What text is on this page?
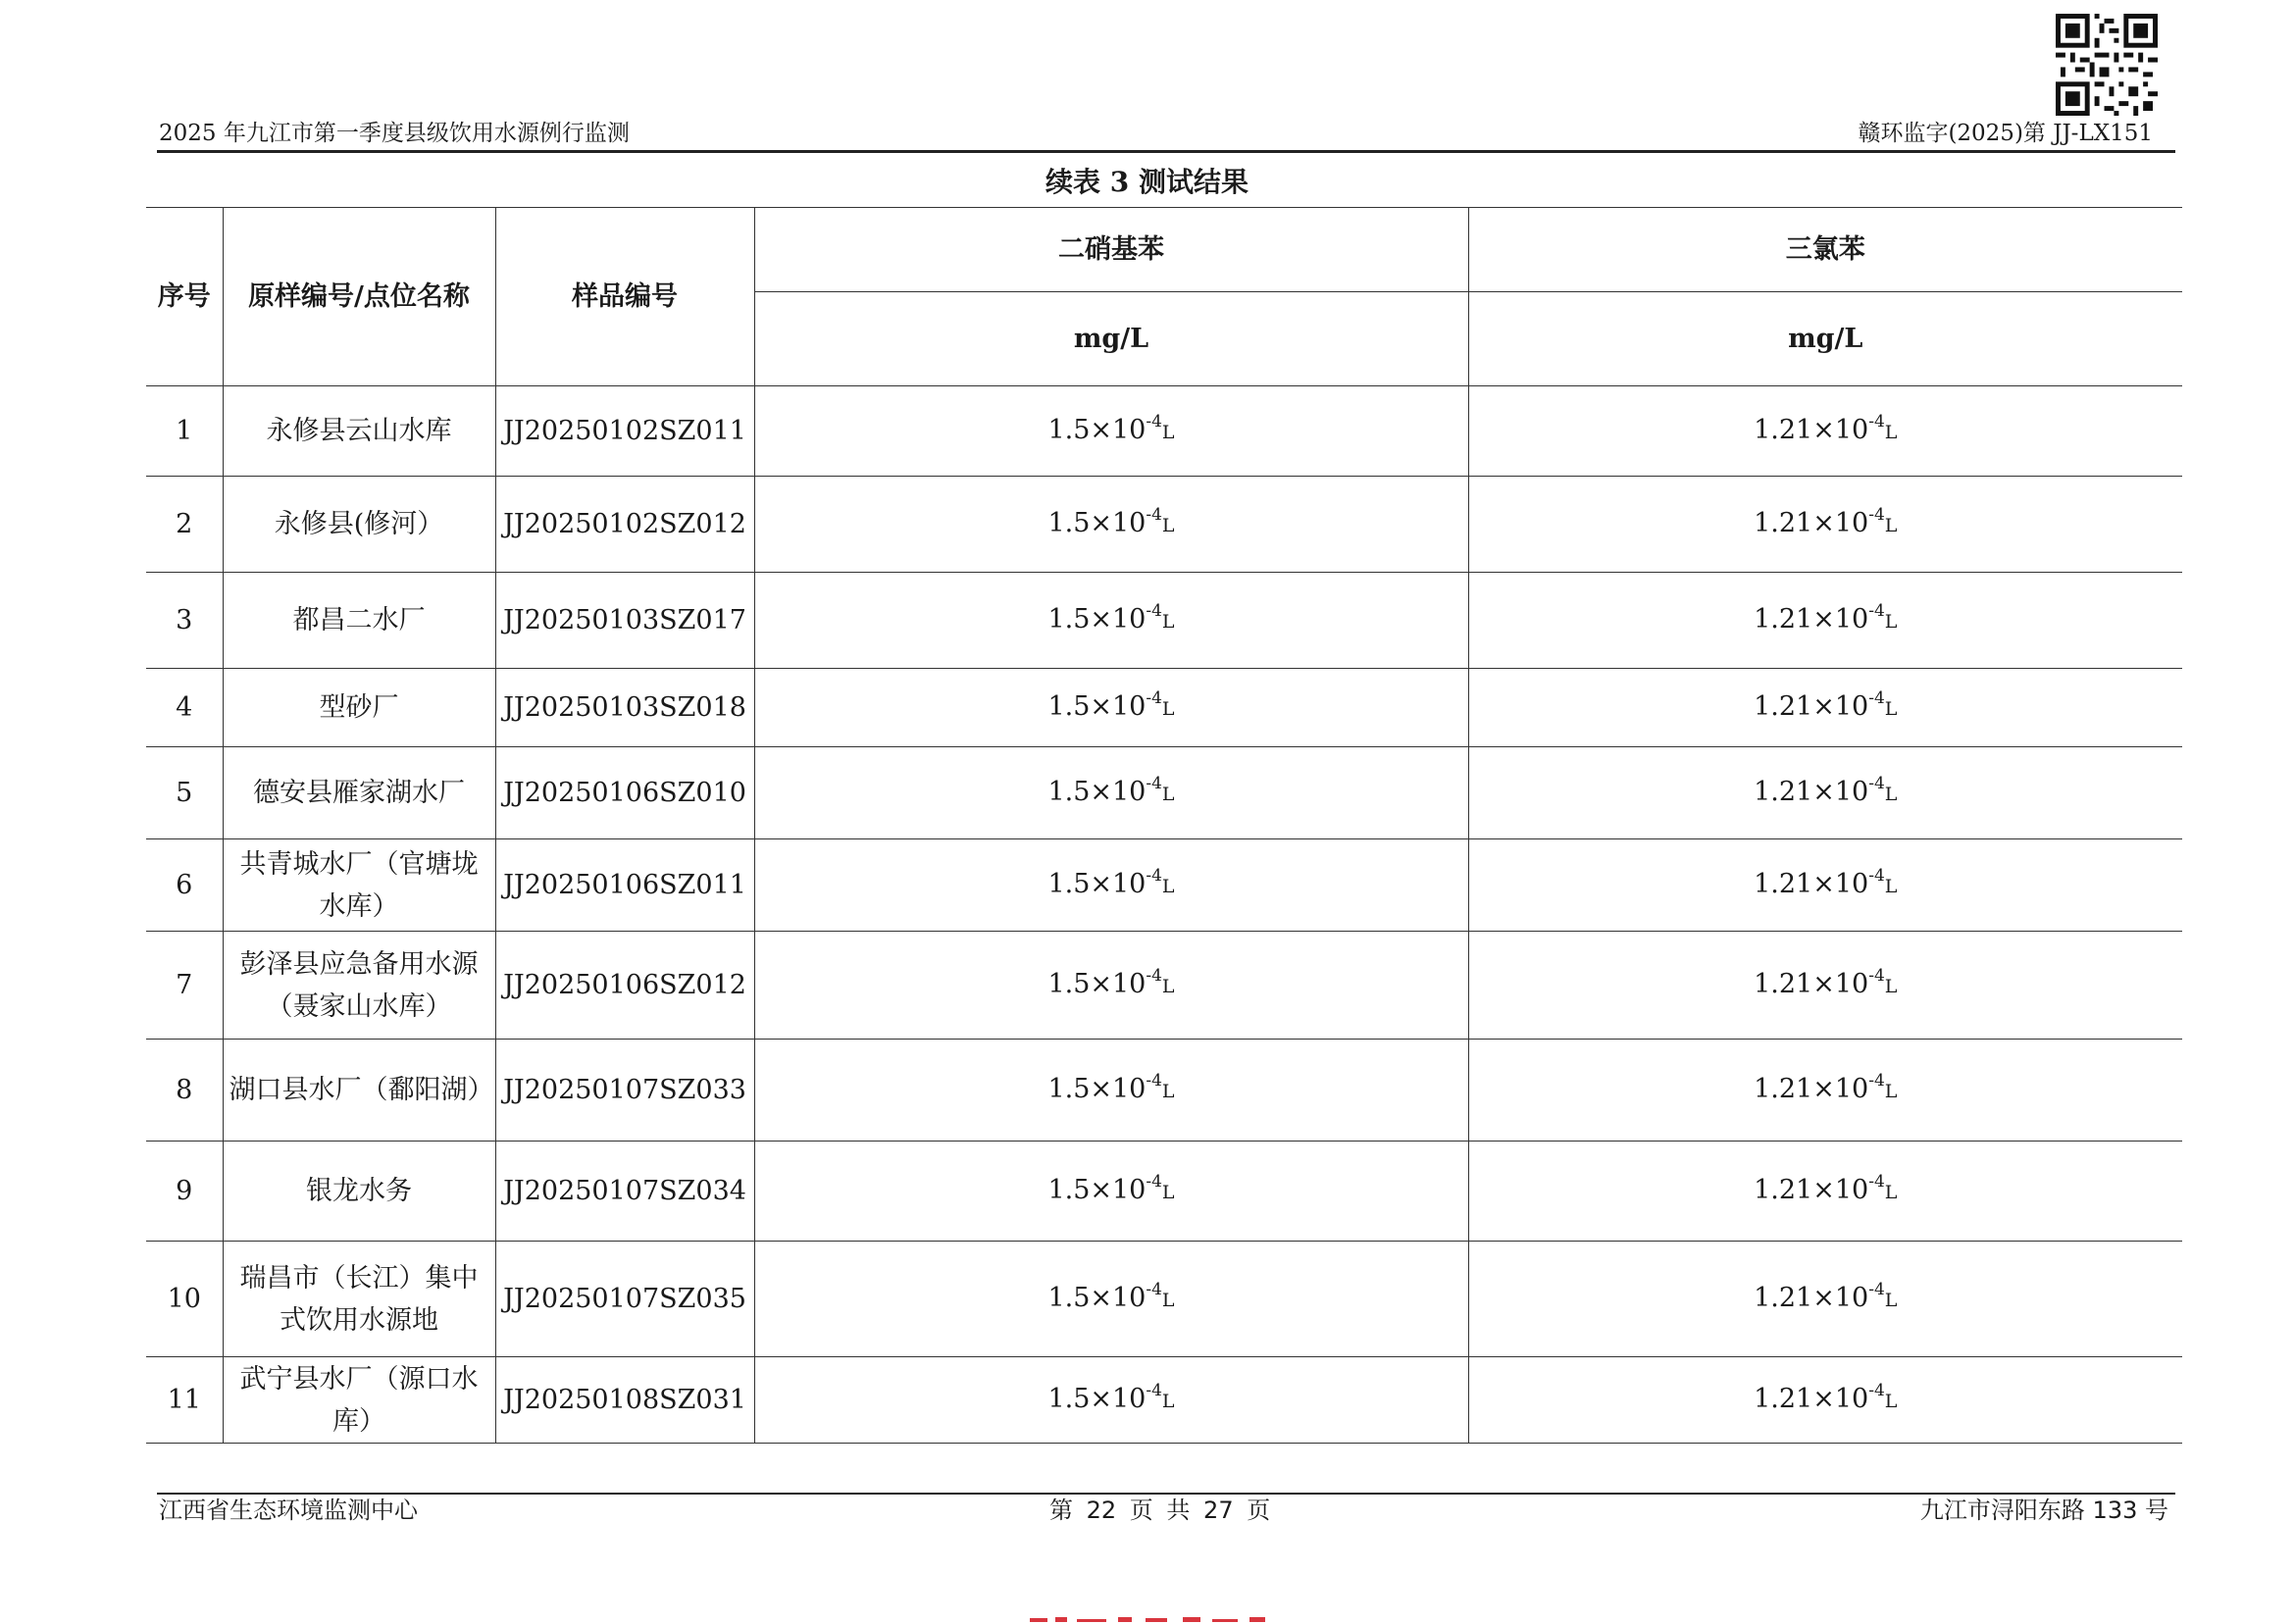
2025 年九江市第一季度县级饮用水源例行监测	赣环监字(2025)第 JJ-LX151
续表 3 测试结果
序号	原样编号/点位名称	样品编号	二硝基苯	三氯苯
			mg/L	mg/L
1	永修县云山水库	JJ20250102SZ011	$1.5\times 10^{-4}L$	$1.21\times 10^{-4}L$
2	永修县(修河）	JJ20250102SZ012	$1.5\times 10^{-4}L$	$1.21\times 10^{-4}L$
3	都昌二水厂	JJ20250103SZ017	$1.5\times 10^{-4}L$	$1.21\times 10^{-4}L$
4	型砂厂	JJ20250103SZ018	$1.5\times 10^{-4}L$	$1.21\times 10^{-4}L$
5	德安县雁家湖水厂	JJ20250106SZ010	$1.5\times 10^{-4}L$	$1.21\times 10^{-4}L$
6	共青城水厂（官塘垅水库）	JJ20250106SZ011	$1.5\times 10^{-4}L$	$1.21\times 10^{-4}L$
7	彭泽县应急备用水源（聂家山水库）	JJ20250106SZ012	$1.5\times 10^{-4}L$	$1.21\times 10^{-4}L$
8	湖口县水厂（鄱阳湖）	JJ20250107SZ033	$1.5\times 10^{-4}L$	$1.21\times 10^{-4}L$
9	银龙水务	JJ20250107SZ034	$1.5\times 10^{-4}L$	$1.21\times 10^{-4}L$
10	瑞昌市（长江）集中式饮用水源地	JJ20250107SZ035	$1.5\times 10^{-4}L$	$1.21\times 10^{-4}L$
11	武宁县水厂（源口水库）	JJ20250108SZ031	$1.5\times 10^{-4}L$	$1.21\times 10^{-4}L$
江西省生态环境监测中心	第 22 页 共 27 页	九江市浔阳东路 133 号
